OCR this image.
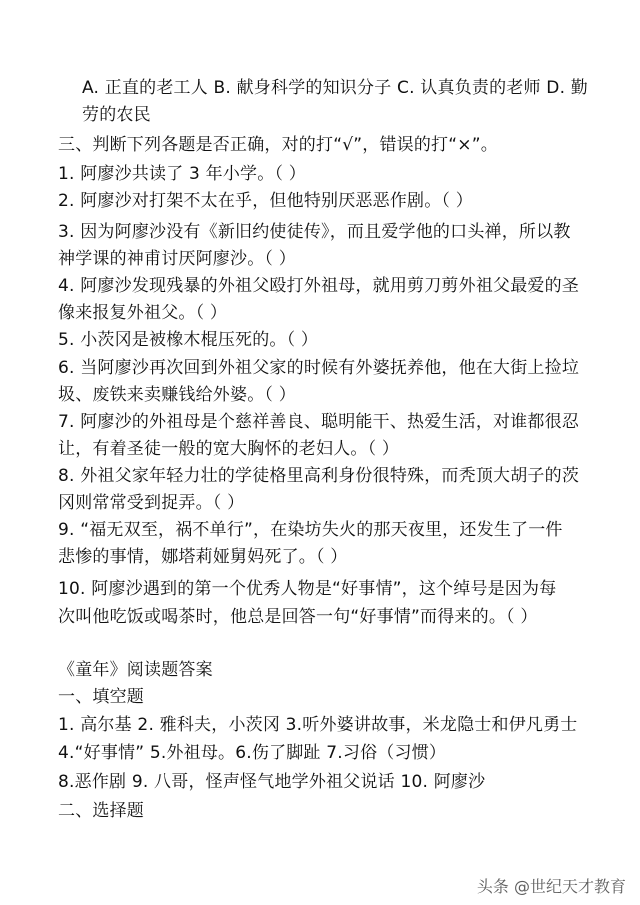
A. 正直的老工人 B. 献身科学的知识分子 C. 认真负责的老师 D. 勤
劳的农民
三、判断下列各题是否正确，对的打“√”，错误的打“×”。
1. 阿廖沙共读了 3 年小学。（ ）
2. 阿廖沙对打架不太在乎，但他特别厌恶恶作剧。（ ）
3. 因为阿廖沙没有《新旧约使徒传》，而且爱学他的口头禅，所以教
神学课的神甫讨厌阿廖沙。（ ）
4. 阿廖沙发现残暴的外祖父殴打外祖母，就用剪刀剪外祖父最爱的圣
像来报复外祖父。（ ）
5. 小茨冈是被橡木棍压死的。（ ）
6. 当阿廖沙再次回到外祖父家的时候有外婆抚养他，他在大街上捡垃
圾、废铁来卖赚钱给外婆。（ ）
7. 阿廖沙的外祖母是个慈祥善良、聪明能干、热爱生活，对谁都很忍
让，有着圣徒一般的宽大胸怀的老妇人。（ ）
8. 外祖父家年轻力壮的学徒格里高利身份很特殊，而秃顶大胡子的茨
冈则常常受到捉弄。（ ）
9. “福无双至，祸不单行”，在染坊失火的那天夜里，还发生了一件
悲惨的事情，娜塔莉娅舅妈死了。（ ）
10. 阿廖沙遇到的第一个优秀人物是“好事情”，这个绰号是因为每
次叫他吃饭或喝茶时，他总是回答一句“好事情”而得来的。（ ）
《童年》阅读题答案
一、填空题
1. 高尔基 2. 雅科夫，小茨冈 3.听外婆讲故事，米龙隐士和伊凡勇士
4.“好事情” 5.外祖母。6.伤了脚趾 7.习俗（习惯）
8.恶作剧 9. 八哥，怪声怪气地学外祖父说话 10. 阿廖沙
二、选择题
头条 @世纪天才教育
